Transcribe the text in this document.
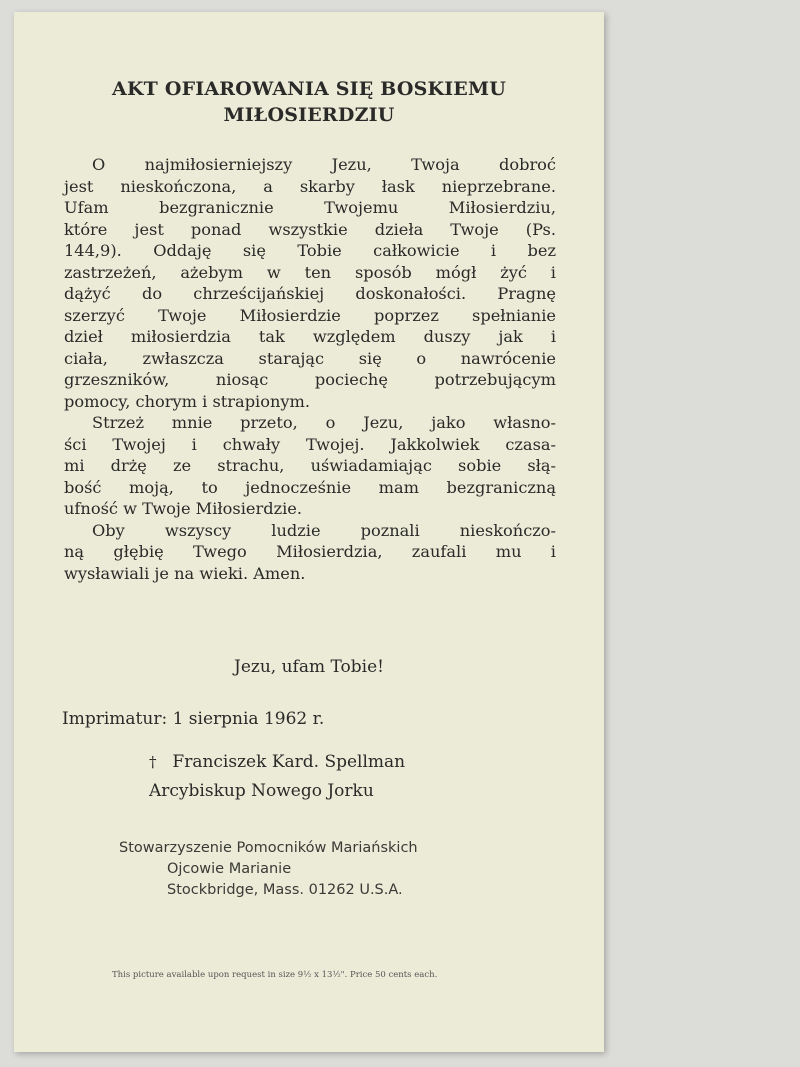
AKT OFIAROWANIA SIĘ BOSKIEMU
MIŁOSIERDZIU
O najmiłosierniejszy Jezu, Twoja dobroć
jest nieskończona, a skarby łask nieprzebrane.
Ufam bezgranicznie Twojemu Miłosierdziu,
które jest ponad wszystkie dzieła Twoje (Ps.
144,9). Oddaję się Tobie całkowicie i bez
zastrzeżeń, ażebym w ten sposób mógł żyć i
dążyć do chrześcijańskiej doskonałości. Pragnę
szerzyć Twoje Miłosierdzie poprzez spełnianie
dzieł miłosierdzia tak względem duszy jak i
ciała, zwłaszcza starając się o nawrócenie
grzeszników, niosąc pociechę potrzebującym
pomocy, chorym i strapionym.
Strzeż mnie przeto, o Jezu, jako własno-
ści Twojej i chwały Twojej. Jakkolwiek czasa-
mi drżę ze strachu, uświadamiając sobie słą-
bość moją, to jednocześnie mam bezgraniczną
ufność w Twoje Miłosierdzie.
Oby wszyscy ludzie poznali nieskończo-
ną głębię Twego Miłosierdzia, zaufali mu i
wysławiali je na wieki. Amen.
Jezu, ufam Tobie!
Imprimatur: 1 sierpnia 1962 r.
† Franciszek Kard. Spellman
Arcybiskup Nowego Jorku
Stowarzyszenie Pomocników Mariańskich
Ojcowie Marianie
Stockbridge, Mass. 01262 U.S.A.
This picture available upon request in size 9½ x 13½". Price 50 cents each.
